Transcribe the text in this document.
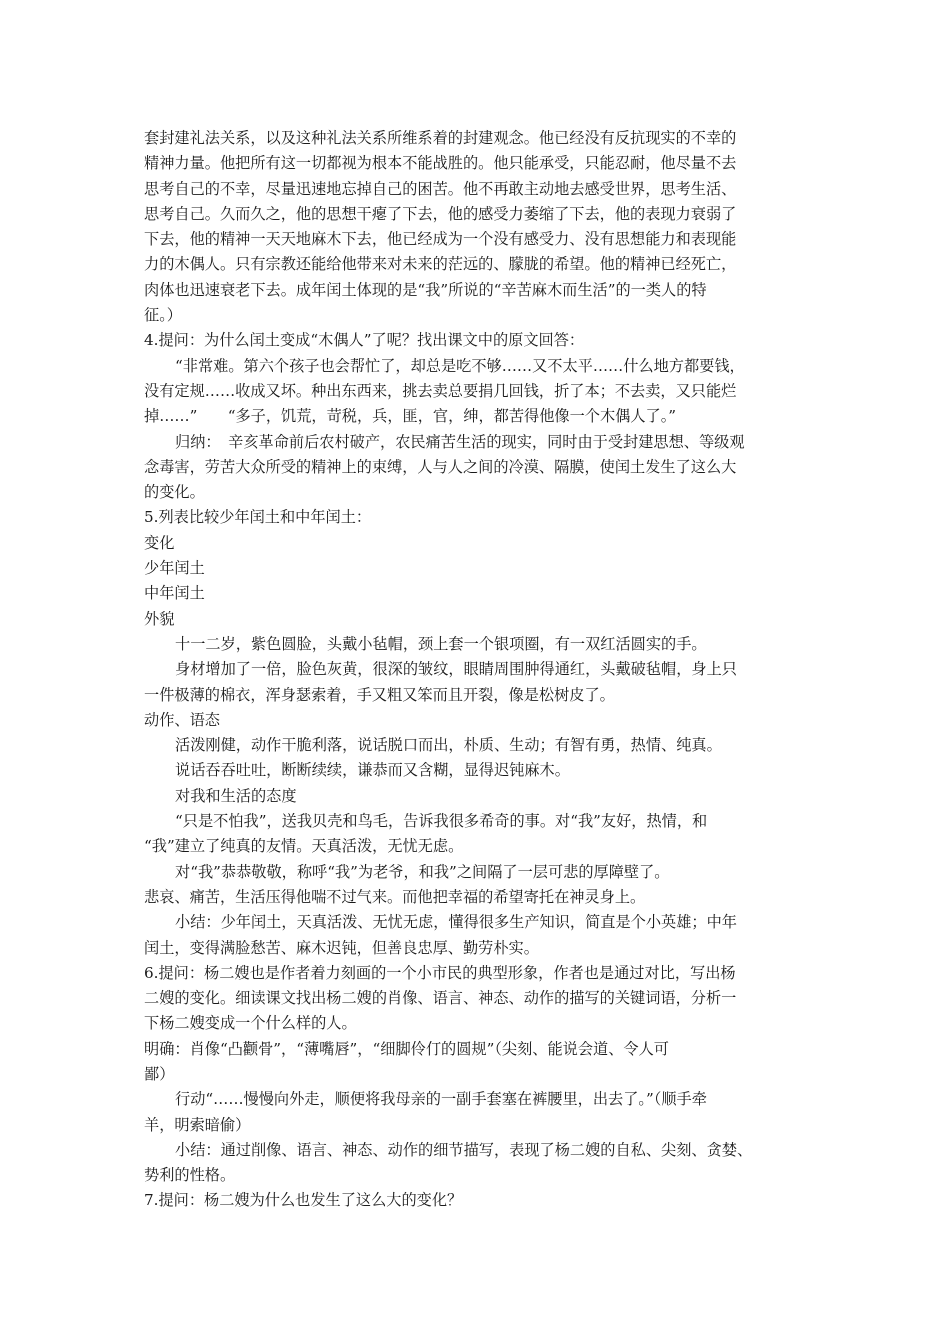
套封建礼法关系，以及这种礼法关系所维系着的封建观念。他已经没有反抗现实的不幸的
精神力量。他把所有这一切都视为根本不能战胜的。他只能承受，只能忍耐，他尽量不去
思考自己的不幸，尽量迅速地忘掉自己的困苦。他不再敢主动地去感受世界，思考生活、
思考自己。久而久之，他的思想干瘪了下去，他的感受力萎缩了下去，他的表现力衰弱了
下去，他的精神一天天地麻木下去，他已经成为一个没有感受力、没有思想能力和表现能
力的木偶人。只有宗教还能给他带来对未来的茫远的、朦胧的希望。他的精神已经死亡，
肉体也迅速衰老下去。成年闰土体现的是“我”所说的“辛苦麻木而生活”的一类人的特
征。）
4.提问：为什么闰土变成“木偶人”了呢？找出课文中的原文回答：
“非常难。第六个孩子也会帮忙了，却总是吃不够……又不太平……什么地方都要钱，
没有定规……收成又坏。种出东西来，挑去卖总要捐几回钱，折了本；不去卖，又只能烂
掉……”　　“多子，饥荒，苛税，兵，匪，官，绅，都苦得他像一个木偶人了。”
归纳：　辛亥革命前后农村破产，农民痛苦生活的现实，同时由于受封建思想、等级观
念毒害，劳苦大众所受的精神上的束缚，人与人之间的冷漠、隔膜，使闰土发生了这么大
的变化。
5.列表比较少年闰土和中年闰土：
变化
少年闰土
中年闰土
外貌
十一二岁，紫色圆脸，头戴小毡帽，颈上套一个银项圈，有一双红活圆实的手。
身材增加了一倍，脸色灰黄，很深的皱纹，眼睛周围肿得通红，头戴破毡帽，身上只
一件极薄的棉衣，浑身瑟索着，手又粗又笨而且开裂，像是松树皮了。
动作、语态
活泼刚健，动作干脆利落，说话脱口而出，朴质、生动；有智有勇，热情、纯真。
说话吞吞吐吐，断断续续，谦恭而又含糊，显得迟钝麻木。
对我和生活的态度
“只是不怕我”，送我贝壳和鸟毛，告诉我很多希奇的事。对“我”友好，热情，和
“我”建立了纯真的友情。天真活泼，无忧无虑。
对“我”恭恭敬敬，称呼“我”为老爷，和我”之间隔了一层可悲的厚障壁了。
悲哀、痛苦，生活压得他喘不过气来。而他把幸福的希望寄托在神灵身上。
小结：少年闰土，天真活泼、无忧无虑，懂得很多生产知识，简直是个小英雄；中年
闰土，变得满脸愁苦、麻木迟钝，但善良忠厚、勤劳朴实。
6.提问：杨二嫂也是作者着力刻画的一个小市民的典型形象，作者也是通过对比，写出杨
二嫂的变化。细读课文找出杨二嫂的肖像、语言、神态、动作的描写的关键词语，分析一
下杨二嫂变成一个什么样的人。
明确：肖像“凸颧骨”，“薄嘴唇”，“细脚伶仃的圆规”（尖刻、能说会道、令人可
鄙）
行动“……慢慢向外走，顺便将我母亲的一副手套塞在裤腰里，出去了。”（顺手牵
羊，明索暗偷）
小结：通过削像、语言、神态、动作的细节描写，表现了杨二嫂的自私、尖刻、贪婪、
势利的性格。
7.提问：杨二嫂为什么也发生了这么大的变化？
